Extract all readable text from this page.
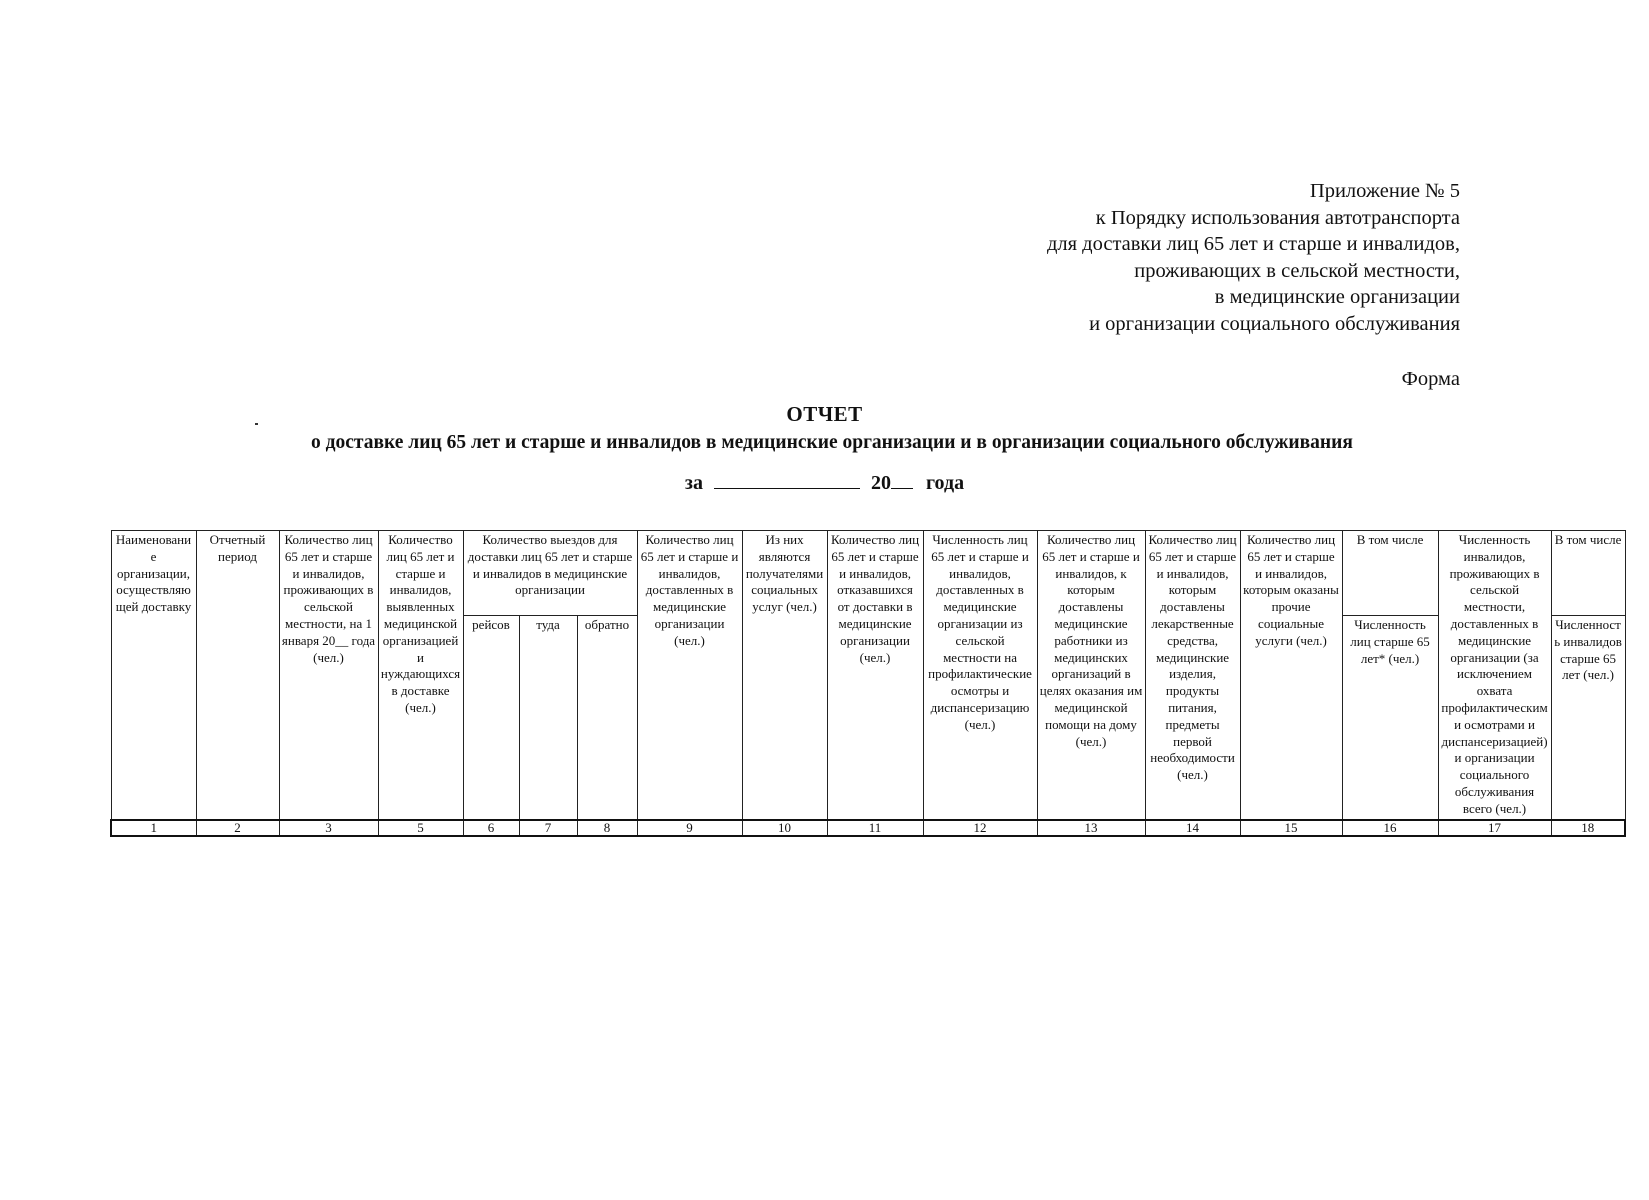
Приложение № 5
к Порядку использования автотранспорта
для доставки лиц 65 лет и старше и инвалидов,
проживающих в сельской местности,
в медицинские организации
и организации социального обслуживания
Форма
ОТЧЕТ
о доставке лиц 65 лет и старше и инвалидов в медицинские организации и в организации социального обслуживания
за	20 года
Наименование организации, осуществляющей доставку	Отчетный период	Количество лиц 65 лет и старше и инвалидов, проживающих в сельской местности, на 1 января 20__ года (чел.)	Количество лиц 65 лет и старше и инвалидов, выявленных медицинской организацией и нуждающихся в доставке (чел.)	Количество выездов для доставки лиц 65 лет и старше и инвалидов в медицинские организации			Количество лиц 65 лет и старше и инвалидов, доставленных в медицинские организации (чел.)	Из них являются получателями социальных услуг (чел.)	Количество лиц 65 лет и старше и инвалидов, отказавшихся от доставки в медицинские организации (чел.)	Численность лиц 65 лет и старше и инвалидов, доставленных в медицинские организации из сельской местности на профилактические осмотры и диспансеризацию (чел.)	Количество лиц 65 лет и старше и инвалидов, к которым доставлены медицинские работники из медицинских организаций в целях оказания им медицинской помощи на дому (чел.)	Количество лиц 65 лет и старше и инвалидов, которым доставлены лекарственные средства, медицинские изделия, продукты питания, предметы первой необходимости (чел.)	Количество лиц 65 лет и старше и инвалидов, которым оказаны прочие социальные услуги (чел.)	В том числе	Численность инвалидов, проживающих в сельской местности, доставленных в медицинские организации (за исключением охвата профилактическими осмотрами и диспансеризацией) и организации социального обслуживания всего (чел.)	В том числе
				рейсов	туда	обратно								Численность лиц старше 65 лет* (чел.)		Численность инвалидов старше 65 лет (чел.)

1	2	3	5	6	7	8	9	10	11	12	13	14	15	16	17	18
